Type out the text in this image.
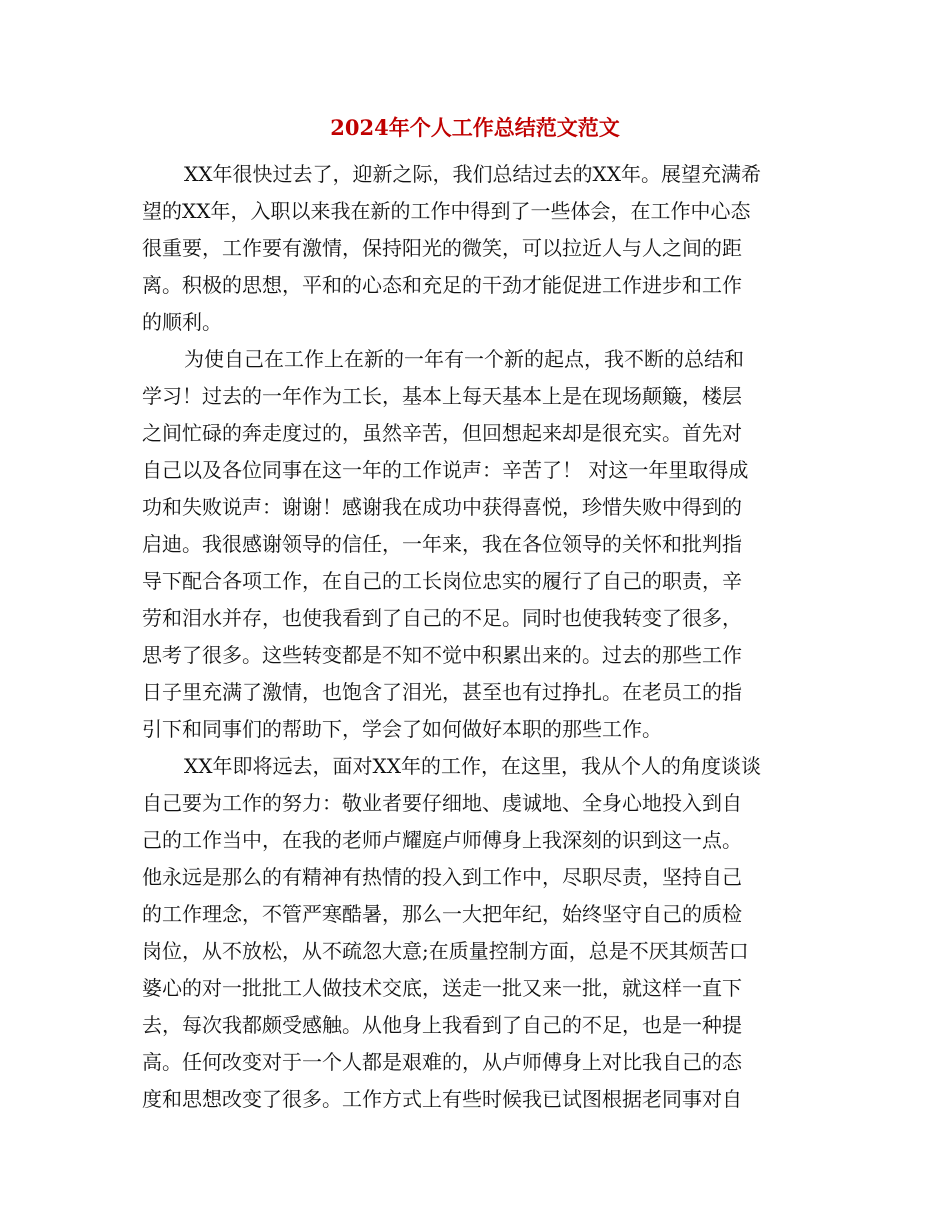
2024年个人工作总结范文范文
XX年很快过去了，迎新之际，我们总结过去的XX年。展望充满希
望的XX年，入职以来我在新的工作中得到了一些体会，在工作中心态
很重要，工作要有激情，保持阳光的微笑，可以拉近人与人之间的距
离。积极的思想，平和的心态和充足的干劲才能促进工作进步和工作
的顺利。
为使自己在工作上在新的一年有一个新的起点，我不断的总结和
学习！过去的一年作为工长，基本上每天基本上是在现场颠簸，楼层
之间忙碌的奔走度过的，虽然辛苦，但回想起来却是很充实。首先对
自己以及各位同事在这一年的工作说声：辛苦了！ 对这一年里取得成
功和失败说声：谢谢！感谢我在成功中获得喜悦，珍惜失败中得到的
启迪。我很感谢领导的信任，一年来，我在各位领导的关怀和批判指
导下配合各项工作，在自己的工长岗位忠实的履行了自己的职责，辛
劳和泪水并存，也使我看到了自己的不足。同时也使我转变了很多，
思考了很多。这些转变都是不知不觉中积累出来的。过去的那些工作
日子里充满了激情，也饱含了泪光，甚至也有过挣扎。在老员工的指
引下和同事们的帮助下，学会了如何做好本职的那些工作。
XX年即将远去，面对XX年的工作，在这里，我从个人的角度谈谈
自己要为工作的努力：敬业者要仔细地、虔诚地、全身心地投入到自
己的工作当中，在我的老师卢耀庭卢师傅身上我深刻的识到这一点。
他永远是那么的有精神有热情的投入到工作中，尽职尽责，坚持自己
的工作理念，不管严寒酷暑，那么一大把年纪，始终坚守自己的质检
岗位，从不放松，从不疏忽大意;在质量控制方面，总是不厌其烦苦口
婆心的对一批批工人做技术交底，送走一批又来一批，就这样一直下
去，每次我都颇受感触。从他身上我看到了自己的不足，也是一种提
高。任何改变对于一个人都是艰难的，从卢师傅身上对比我自己的态
度和思想改变了很多。工作方式上有些时候我已试图根据老同事对自
